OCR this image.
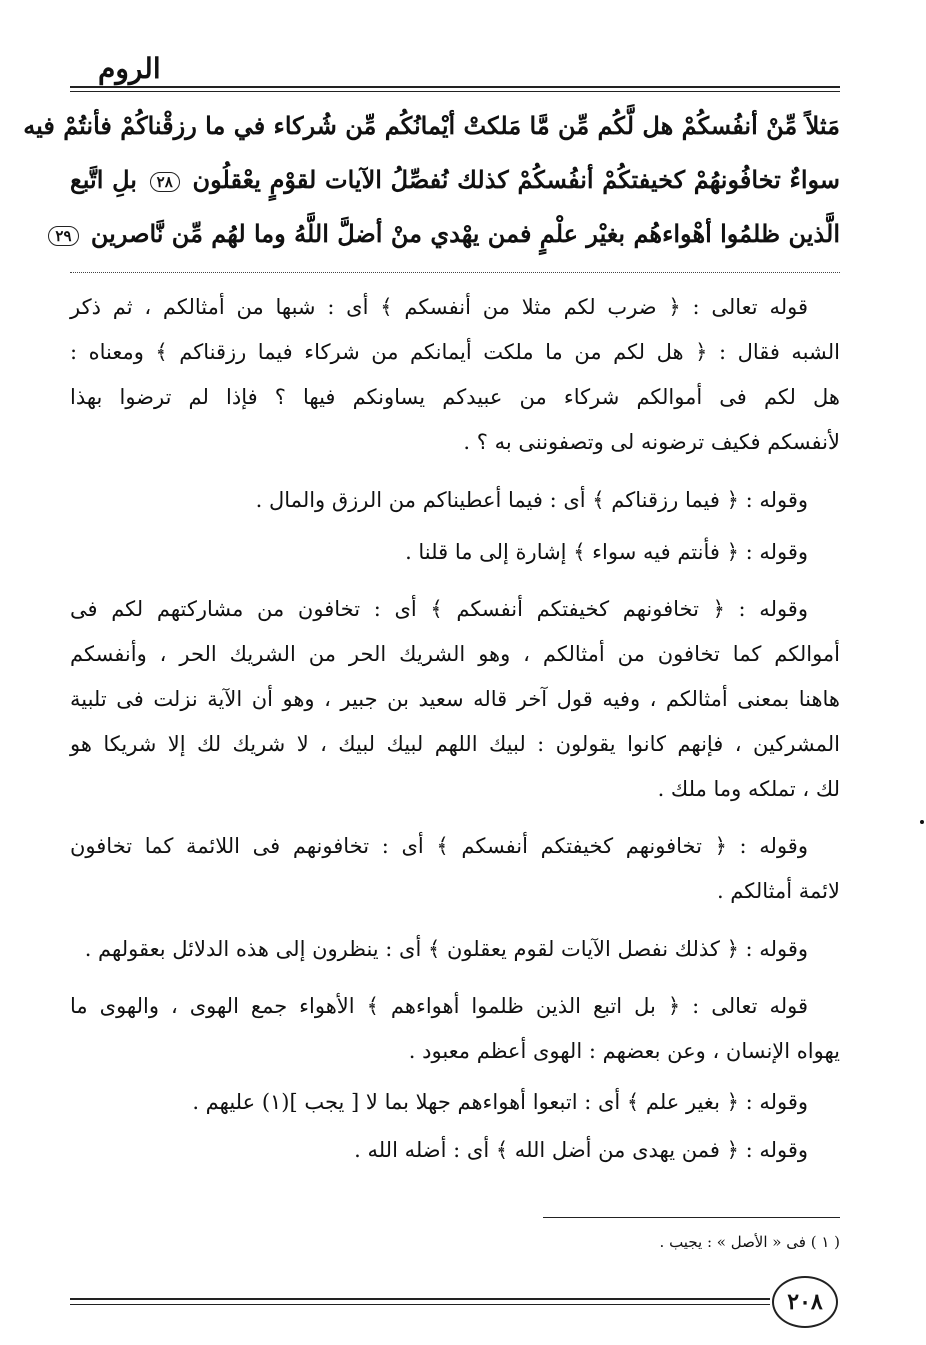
الروم
مَثلاً مِّنْ أنفُسكُمْ هل لَّكُم مِّن مَّا مَلكتْ أيْمانُكُم مِّن شُركاء في ما رزقْناكُمْ فأنتُمْ فيه
سواءٌ تخافُونهُمْ كخيفتكُمْ أنفُسكُمْ كذلك نُفصِّلُ الآيات لقوْمٍ يعْقلُون ٢٨ بلِ اتَّبع
الَّذين ظلمُوا أهْواءهُم بغيْر علْمٍ فمن يهْدي منْ أضلَّ اللَّهُ وما لهُم مِّن نَّاصرين ٢٩
قوله تعالى : ﴿ ضرب لكم مثلا من أنفسكم ﴾ أى : شبها من أمثالكم ، ثم ذكر
الشبه فقال : ﴿ هل لكم من ما ملكت أيمانكم من شركاء فيما رزقناكم ﴾ ومعناه :
هل لكم فى أموالكم شركاء من عبيدكم يساونكم فيها ؟ فإذا لم ترضوا بهذا
لأنفسكم فكيف ترضونه لى وتصفوننى به ؟ .
وقوله : ﴿ فيما رزقناكم ﴾ أى : فيما أعطيناكم من الرزق والمال .
وقوله : ﴿ فأنتم فيه سواء ﴾ إشارة إلى ما قلنا .
وقوله : ﴿ تخافونهم كخيفتكم أنفسكم ﴾ أى : تخافون من مشاركتهم لكم فى
أموالكم كما تخافون من أمثالكم ، وهو الشريك الحر من الشريك الحر ، وأنفسكم
هاهنا بمعنى أمثالكم ، وفيه قول آخر قاله سعيد بن جبير ، وهو أن الآية نزلت فى تلبية
المشركين ، فإنهم كانوا يقولون : لبيك اللهم لبيك لبيك ، لا شريك لك إلا شريكا هو
لك ، تملكه وما ملك .
وقوله : ﴿ تخافونهم كخيفتكم أنفسكم ﴾ أى : تخافونهم فى اللائمة كما تخافون
لائمة أمثالكم .
وقوله : ﴿ كذلك نفصل الآيات لقوم يعقلون ﴾ أى : ينظرون إلى هذه الدلائل بعقولهم .
قوله تعالى : ﴿ بل اتبع الذين ظلموا أهواءهم ﴾ الأهواء جمع الهوى ، والهوى ما
يهواه الإنسان ، وعن بعضهم : الهوى أعظم معبود .
وقوله : ﴿ بغير علم ﴾ أى : اتبعوا أهواءهم جهلا بما لا [ يجب ](١) عليهم .
وقوله : ﴿ فمن يهدى من أضل الله ﴾ أى : أضله الله .
( ١ ) فى « الأصل » : يجيب .
٢٠٨
